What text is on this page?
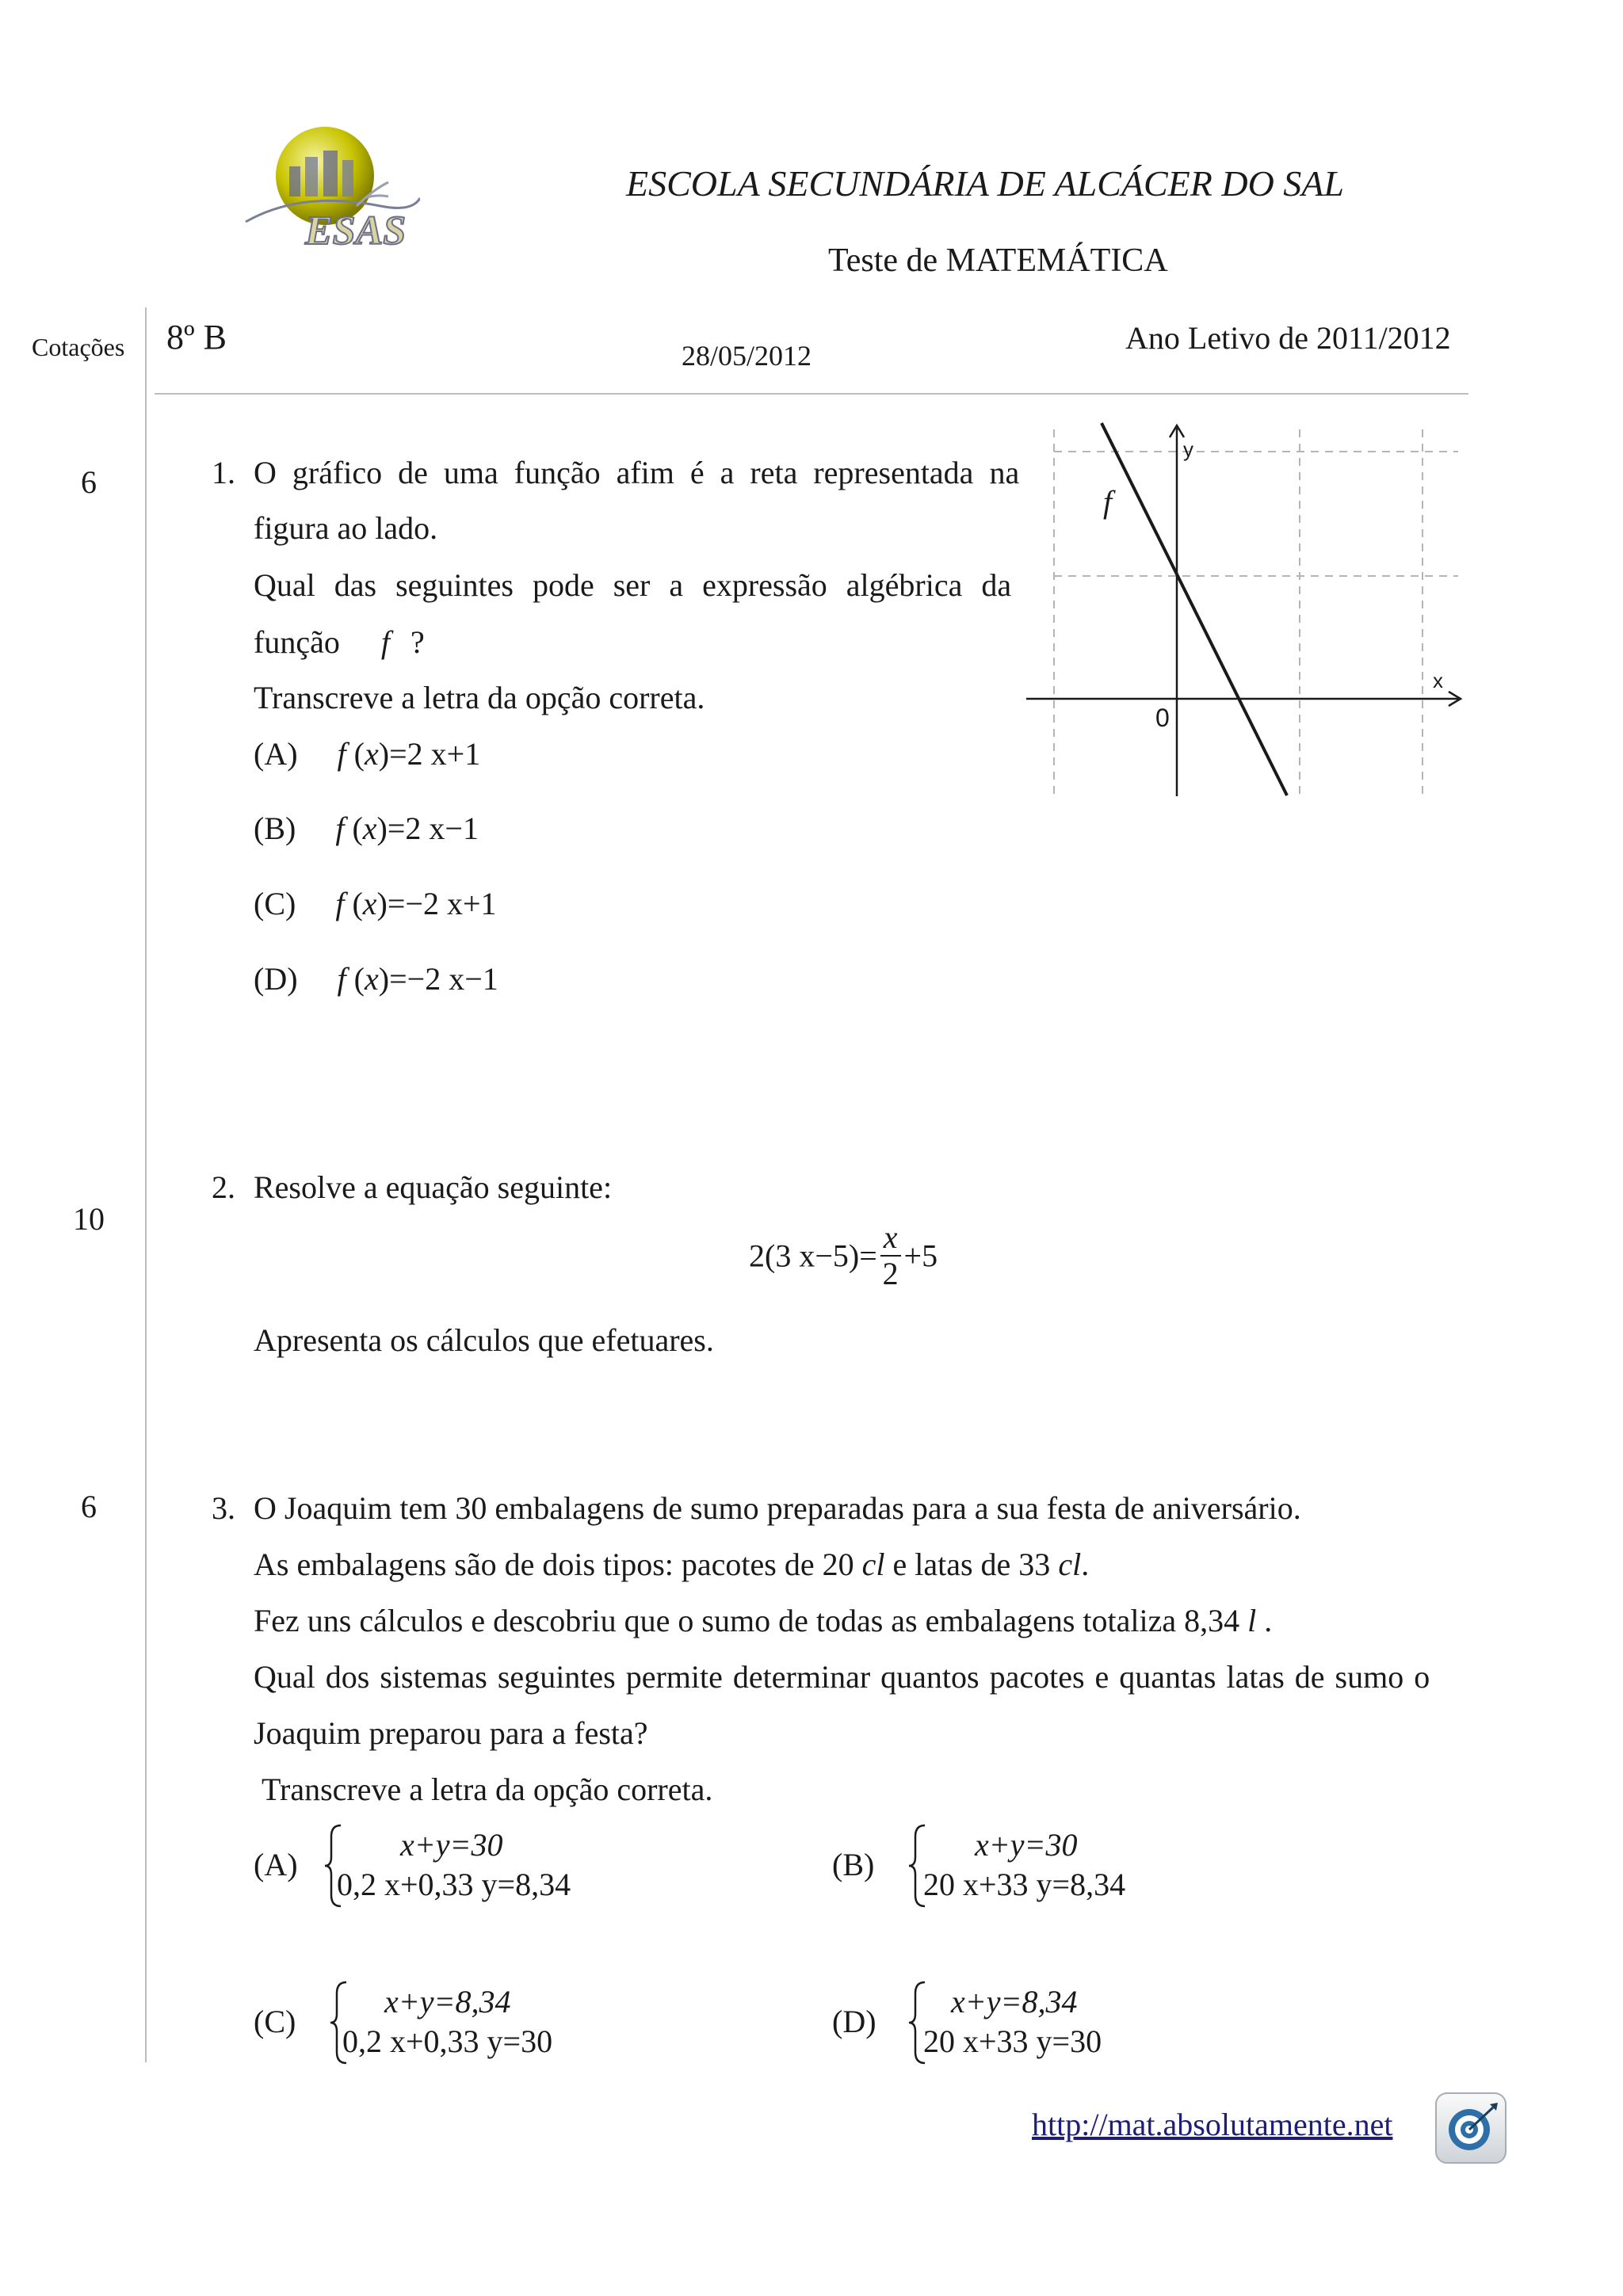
ESAS
ESCOLA SECUNDÁRIA DE ALCÁCER DO SAL
Teste de MATEMÁTICA
Cotações 8º B	28/05/2012	Ano Letivo de 2011/2012
6	1. O gráfico de uma função afim é a reta representada na
figura ao lado.
Qual das seguintes pode ser a expressão algébrica da
função f ?
Transcreve a letra da opção correta.
(A) f (x)=2 x+1
(B) f (x)=2 x−1
(C) f (x)=−2 x+1
(D) f (x)=−2 x−1
y
x
0
f
10
2. Resolve a equação seguinte:
2(3 $x-5)= \frac{x}{2} +5$
Apresenta os cálculos que efetuares.
6	3. O Joaquim tem 30 embalagens de sumo preparadas para a sua festa de aniversário.
As embalagens são de dois tipos: pacotes de 20 cl e latas de 33 cl.
Fez uns cálculos e descobriu que o sumo de todas as embalagens totaliza 8,34 l .
Qual dos sistemas seguintes permite determinar quantos pacotes e quantas latas de sumo o
Joaquim preparou para a festa?
Transcreve a letra da opção correta.
(A)
x+y=30
0,2 x+0,33 y=8,34
(B)
x+y=30
20 x+33 y=8,34
(C)
x+y=8,34
0,2 x+0,33 y=30
(D)
x+y=8,34
20 x+33 y=30
http://mat.absolutamente.net
